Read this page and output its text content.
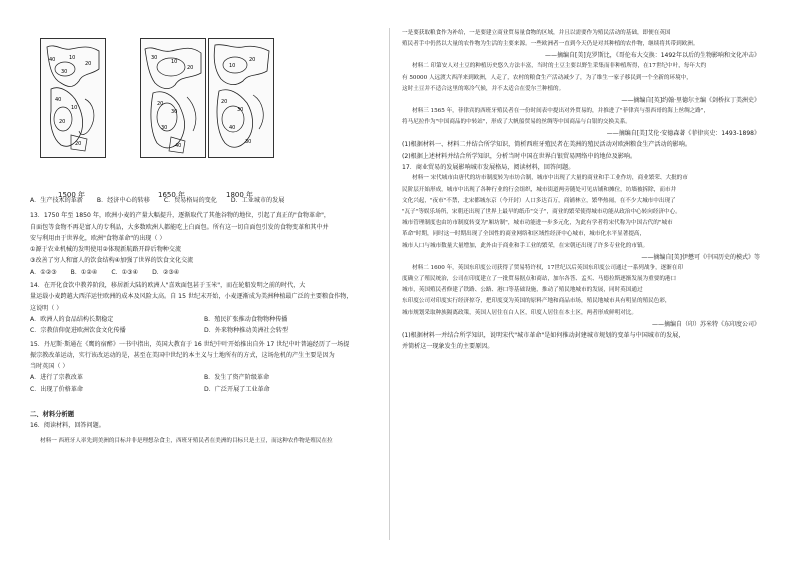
40	10
20
30
40
10
20
20
30
10
20
20
30
30
40
20
10
20
30
40
30
1500 年	1650 年	1800 年
A．生产技术的革新 B．经济中心的转移 C．贸易格局的变化 D．工业城市的发展
13．1750 年至 1850 年，欧洲小麦的产量大幅提升，逐渐取代了其他谷物的地位，引起了真正的"食物革命"，
自面包等食物不再是富人的专利品，大多数欧洲人都能吃上白面包。所有这一切自面包引发的食物变革和其中并
安与利用由于世界化，欧洲"食物革命"的出现（ ）
①源于农业机械的发明使用②体现新航路开辟后物种交流
③改善了穷人和富人的饮食结构④加强了世界的饮食文化交流
A．①②③ B．①②④ C．①③④ D．②③④
14．在开化食饮中教养阶段，移居新大陆的欧洲人"喜欢面包甚于玉米"，而在轮船发明之前的时代，大
量运载小麦跨越大西洋运往欧洲的成本及风险太高。自 15 世纪末开始，小麦逐渐成为美洲种植最广泛的主要粮食作物，
这说明（ ）
A．欧洲人的食品结构长期稳定	B．殖民扩张推动食物物种传播
C．宗教信仰促进欧洲饮食文化传播	D．外来物种推动美洲社会转型
15．丹尼斯·斯通在《鹰的宿醉》一书中指出，英国大教育于 16 世纪中叶开始推出自外 17 世纪中叶普遍经历了一场提
振宗教改革运动，实行该改运动的是，甚至在美国中世纪的本主义与土地所有的方式，这场危机的产生主要是因为
当时英国（ ）
A．进行了宗教改革	B．发生了资产阶级革命
C．出现了价格革命	D．广泛开展了工业革命
二、材料分析题
16．阅读材料，回答问题。
材料一 西班牙人率先到美洲的目标并非是理想杂食主，西班牙殖民者在美洲的目标只是土豆，而这种农作物是殖民在拉
一是要获取粮食作为补给，一是要建立商业贸易量食物的区域，并且以需要作为殖民活动的基础，即便在英国
殖民者手中仍然以大量的农作物为生活的主要来源。一些欧洲者一直到今天仍是对其种植的农作物，继续将其带到欧洲。
——摘编自[美]克罗斯比，《哥伦布大交换：1492年以后的生物影响和文化冲击》
材料二 印第安人对土豆的种植历史悠久方法丰富，当时的土豆主要以野生采集而非种植所得，在17世纪中叶，每年大约
有 50000 人远渡大西洋来到欧洲，人走了，农村的粮食生产活动减少了，为了维生一家子移民到一个全新的环境中，
这时土豆并不适合这里的寒冷气候，并不太适合在爱尔兰种植的。
——摘编自[英]约翰·里德尔主编《剑桥拉丁美洲史》
材料三 1565 年，菲律宾的西班牙殖民者在一份时间表中提出对外贸易的，并推进了"菲律宾与墨西哥的海上丝绸之路"，
将马尼拉作为"中国商品的中转站"，形成了大帆船贸易的丝绸等中国商品与白银的交换关系。
——摘编自[美]艾伦·安德森著《菲律宾史：1493-1898》
(1)根据材料一、材料二并结合所学知识，简析西班牙殖民者在美洲的殖民活动对欧洲粮食生产活动的影响。
(2)根据上述材料并结合所学知识，分析当时中国在世界白银贸易网络中的地位及影响。
17．商业贸易的发展影响城市发展格局，阅读材料，回答问题。
材料一 宋代城市由唐代的坊市制度转为市坊合制，城市中出现了大量的商业和手工业作坊，商业繁荣、大批的市
民阶层开始形成，城市中出现了各种行业的行会组织，城市街道两旁随处可见店铺和摊位，坊墙被拆除，而市井
文化兴起，"夜市"不禁，北宋都城东京（今开封）人口多达百万，商铺林立，繁华热闹，在不少大城市中出现了
"瓦子"等娱乐场所，宋朝还出现了世界上最早的纸币"交子"，商业的繁荣使得城市功能从政治中心转向经济中心。
城市管理制度也由坊市制度转变为"厢坊制"，城市功能进一步多元化，为此有学者将宋代称为中国古代的"城市
革命"时期，同时这一时期出现了全国性的商业网络和区域性经济中心城市，城市化水平显著提高，
城市人口与城市数量大量增加，此外由于商业和手工业的繁荣，在宋朝还出现了许多专业化的市镇。
——摘编自[美]伊懋可《中国历史的模式》等
材料二 1600 年，英国东印度公司获得了贸易特许权，17世纪以后英国东印度公司通过一系列战争，逐渐在印
度确立了殖民统治，公司在印度建立了一批贸易据点和商站，加尔各答、孟买、马德拉斯逐渐发展为重要的港口
城市，英国殖民者修建了铁路、公路、港口等基础设施，推动了殖民地城市的发展，同时英国通过
东印度公司对印度实行经济掠夺，把印度变为英国的原料产地和商品市场，殖民地城市具有明显的殖民色彩，
城市规划采取种族隔离政策，英国人居住在白人区，印度人居住在本土区，两者形成鲜明对比。
——摘编自（印）苏米特《东印度公司》
(1)根据材料一并结合所学知识，说明宋代"城市革命"是如何推动封建城市规划的变革与中国城市的发展，
并简析这一现象发生的主要原因。
